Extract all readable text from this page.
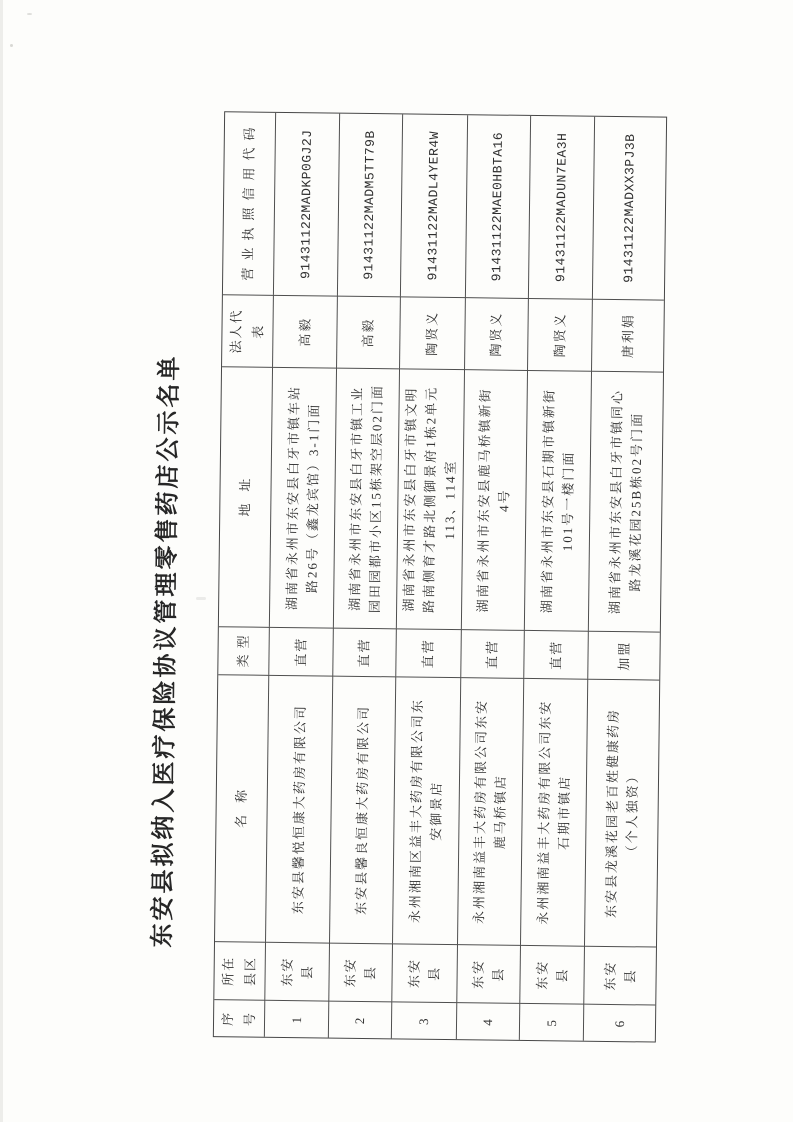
东安县拟纳入医疗保险协议管理零售药店公示名单
序
号
所在
县区
名称
类型
地址
法人代
表
营业执照信用代码
1
东安
县
东安县馨悦恒康大药房有限公司
直营
湖南省永州市东安县白牙市镇车站
路26号（鑫龙宾馆）3-1门面
高毅
91431122MADKP0GJ2J
2
东安
县
东安县馨良恒康大药房有限公司
直营
湖南省永州市东安县白牙市镇工业
园田园都市小区15栋架空层02门面
高毅
91431122MADM5TT79B
3
东安
县
永州湘南区益丰大药房有限公司东
安御景店
直营
湖南省永州市东安县白牙市镇文明
路南侧育才路北侧御景府1栋2单元
113、114室
陶贤义
91431122MADL4YER4W
4
东安
县
永州湘南益丰大药房有限公司东安
鹿马桥镇店
直营
湖南省永州市东安县鹿马桥镇新街
4号
陶贤义
91431122MAE0HBTA16
5
东安
县
永州湘南益丰大药房有限公司东安
石期市镇店
直营
湖南省永州市东安县石期市镇新街
101号一楼门面
陶贤义
91431122MADUN7EA3H
6
东安
县
东安县龙溪花园老百姓健康药房
（个人独资）
加盟
湖南省永州市东安县白牙市镇同心
路龙溪花园25B栋02号门面
唐利娟
91431122MADXX3PJ3B
